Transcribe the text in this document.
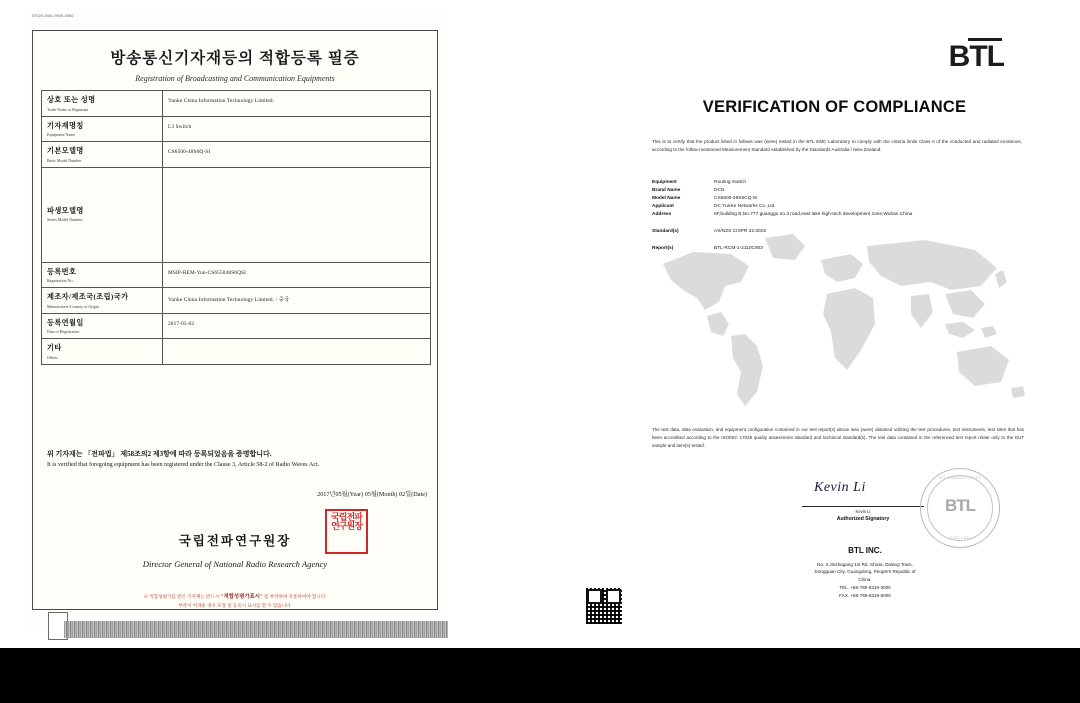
07020-3581-9935-4060
방송통신기자재등의 적합등록 필증
Registration of Broadcasting and Communication Equipments
상호 또는 성명
Trade Name or Registrant	Yunke China Information Technology Limited.

기자재명칭
Equipment Name	L3 Switch

기본모델명
Basic Model Number	CS6500-48S6Q-SI

파생모델명
Series Model Number	

등록번호
Registration No.	MSIP-REM-Yun-CS655048S6QSI

제조자/제조국(조립)국가
Manufacturer/Country of Origin	Yunke China Information Technology Limited. / 중국

등록연월일
Date of Registration	2017-05-02

기타
Others	

위 기자재는 「전파법」 제58조의2 제3항에 따라 등록되었음을 증명합니다.
It is verified that foregoing equipment has been registered under the Clause 3, Article 58-2 of Radio Waves Act.
2017년05월(Year) 05월(Month) 02일(Date)
국립전파연구원장
국립전파연구원장
Director General of National Radio Research Agency
※ 적합성평가를 받은 기자재는 반드시 "적합성평가표시" 를 부착하여 유통하여야 합니다.
부착이 어려운 경우 포장 및 등록시 표시를 할 수 있습니다.
BTL
VERIFICATION OF COMPLIANCE
This is to certify that the product listed in follows was (were) tested in the BTL EMC Laboratory to comply with the criteria limits Class A of the conducted and radiated emissions, according to the follow-mentioned Measurement Standard established by the Standards Australia / New Zealand.
Equipment	Routing Switch
Brand Name	DCN
Model Name	CS6500-48S6CQ-SI
Applicant	DC YunKe Networks Co.,Ltd
Address	6F,building B,No.777 guanggu no.3 road,east lake high-tech development zone,Wuhan China
Standard(s)	AS/NZS CISPR 32:2015
Report(s)	BTL-RCM-1-2110C903
The test data, data evaluation, and equipment configuration contained in our test report(s) above was (were) obtained utilizing the test procedures, test instruments, test sites that has been accredited according to the ISO/IEC 17025 quality assessment standard and technical standard(s). The test data contained in the referenced test report relate only to the EUT sample and item(s) tested.
Kevin Li
Kevin Li
Authorized Signatory
BTL LABORATORIES
BTL
EMC LAB
BTL INC.
No. 3 Jinzhagang 1st Rd. Shixia, Dalang Town,
Dongguan City, Guangdong, People's Republic of
China.
TEL. +86-769-8319-3000
FAX. +86-769-8319-6000
